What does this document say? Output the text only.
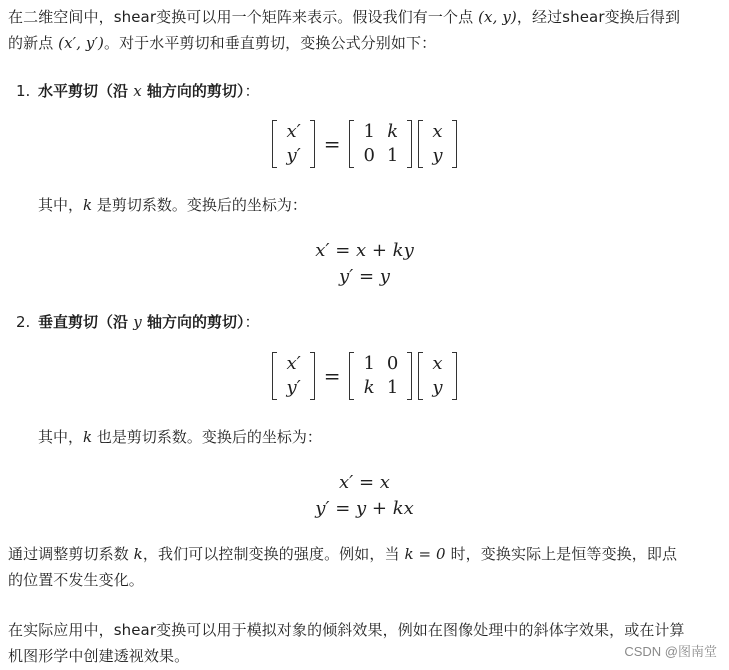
在二维空间中，shear变换可以用一个矩阵来表示。假设我们有一个点 (x, y)，经过shear变换后得到
的新点 (x′, y′)。对于水平剪切和垂直剪切，变换公式分别如下：
1. 水平剪切（沿 x 轴方向的剪切）：
x′
y′ =
1	k
0	1
x
y
其中，k 是剪切系数。变换后的坐标为：
x′ = x + ky
y′ = y
2. 垂直剪切（沿 y 轴方向的剪切）：
x′
y′ =
1	0
k	1
x
y
其中，k 也是剪切系数。变换后的坐标为：
x′ = x
y′ = y + kx
通过调整剪切系数 k，我们可以控制变换的强度。例如，当 k = 0 时，变换实际上是恒等变换，即点
的位置不发生变化。
在实际应用中，shear变换可以用于模拟对象的倾斜效果，例如在图像处理中的斜体字效果，或在计算
机图形学中创建透视效果。	CSDN @图南堂
